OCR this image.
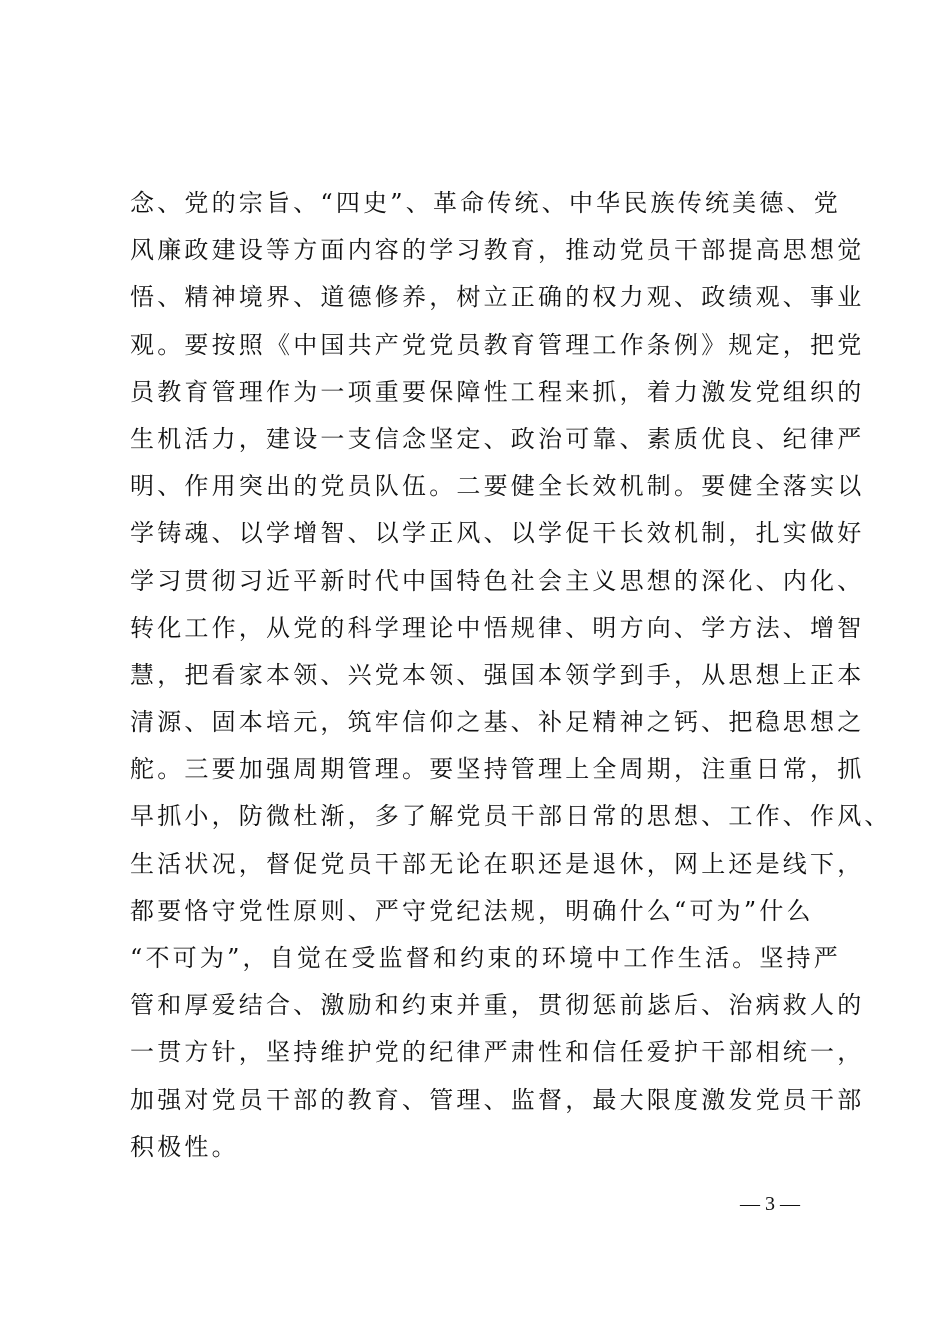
念、党的宗旨、“四史”、革命传统、中华民族传统美德、党
风廉政建设等方面内容的学习教育，推动党员干部提高思想觉
悟、精神境界、道德修养，树立正确的权力观、政绩观、事业
观。要按照《中国共产党党员教育管理工作条例》规定，把党
员教育管理作为一项重要保障性工程来抓，着力激发党组织的
生机活力，建设一支信念坚定、政治可靠、素质优良、纪律严
明、作用突出的党员队伍。二要健全长效机制。要健全落实以
学铸魂、以学增智、以学正风、以学促干长效机制，扎实做好
学习贯彻习近平新时代中国特色社会主义思想的深化、内化、
转化工作，从党的科学理论中悟规律、明方向、学方法、增智
慧，把看家本领、兴党本领、强国本领学到手，从思想上正本
清源、固本培元，筑牢信仰之基、补足精神之钙、把稳思想之
舵。三要加强周期管理。要坚持管理上全周期，注重日常，抓
早抓小，防微杜渐，多了解党员干部日常的思想、工作、作风、
生活状况，督促党员干部无论在职还是退休，网上还是线下，
都要恪守党性原则、严守党纪法规，明确什么“可为”什么
“不可为”，自觉在受监督和约束的环境中工作生活。坚持严
管和厚爱结合、激励和约束并重，贯彻惩前毖后、治病救人的
一贯方针，坚持维护党的纪律严肃性和信任爱护干部相统一，
加强对党员干部的教育、管理、监督，最大限度激发党员干部
积极性。
— 3 —
